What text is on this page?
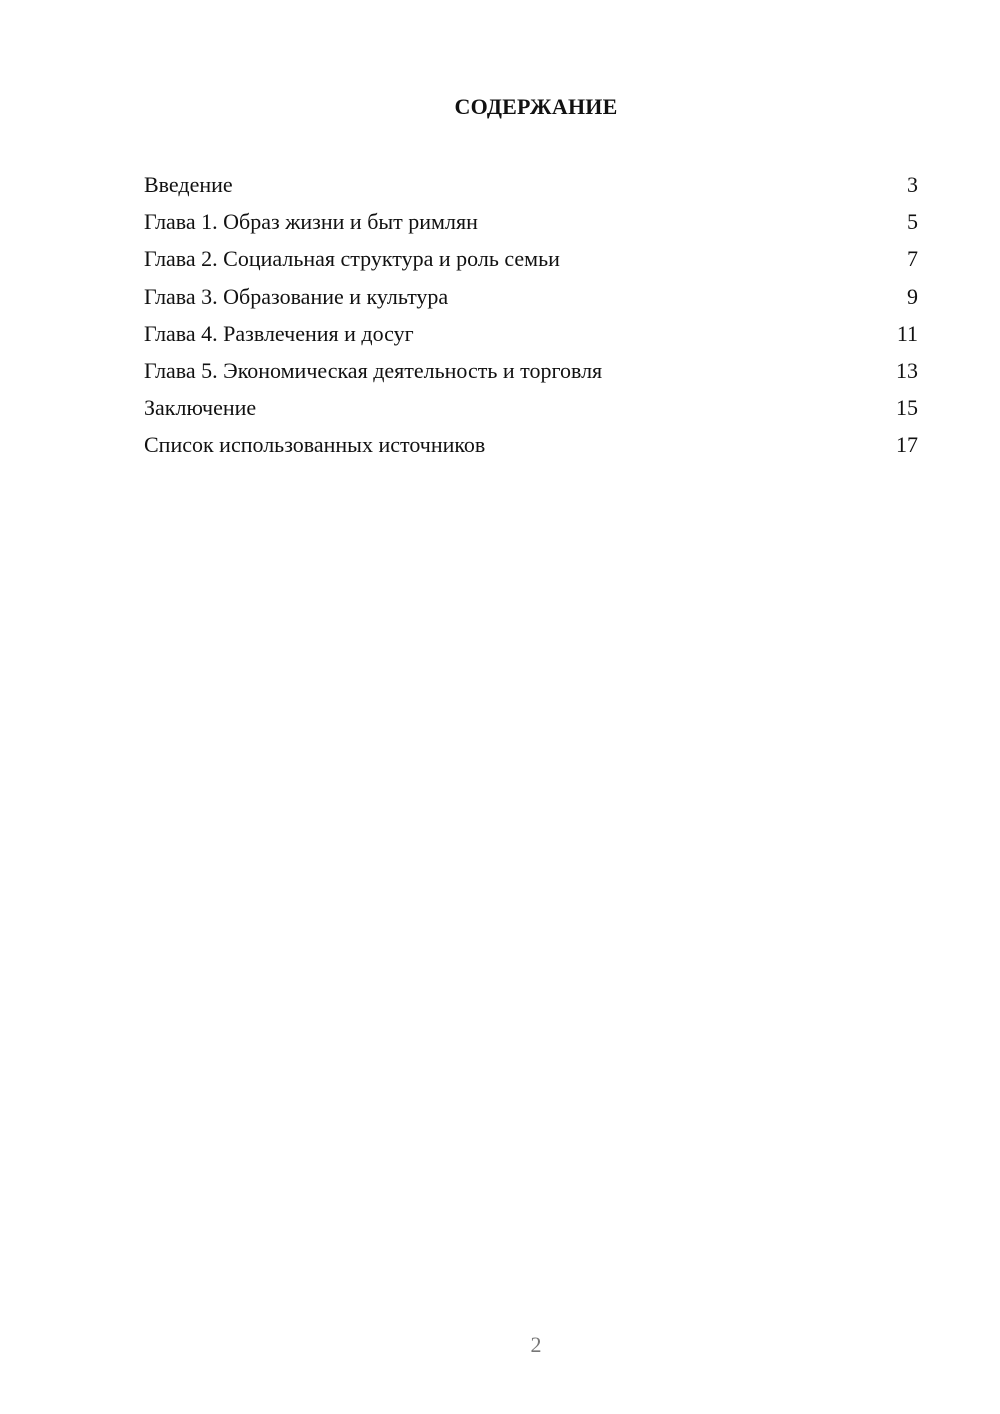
СОДЕРЖАНИЕ
Введение	3
Глава 1. Образ жизни и быт римлян	5
Глава 2. Социальная структура и роль семьи	7
Глава 3. Образование и культура	9
Глава 4. Развлечения и досуг	11
Глава 5. Экономическая деятельность и торговля	13
Заключение	15
Список использованных источников	17
2
